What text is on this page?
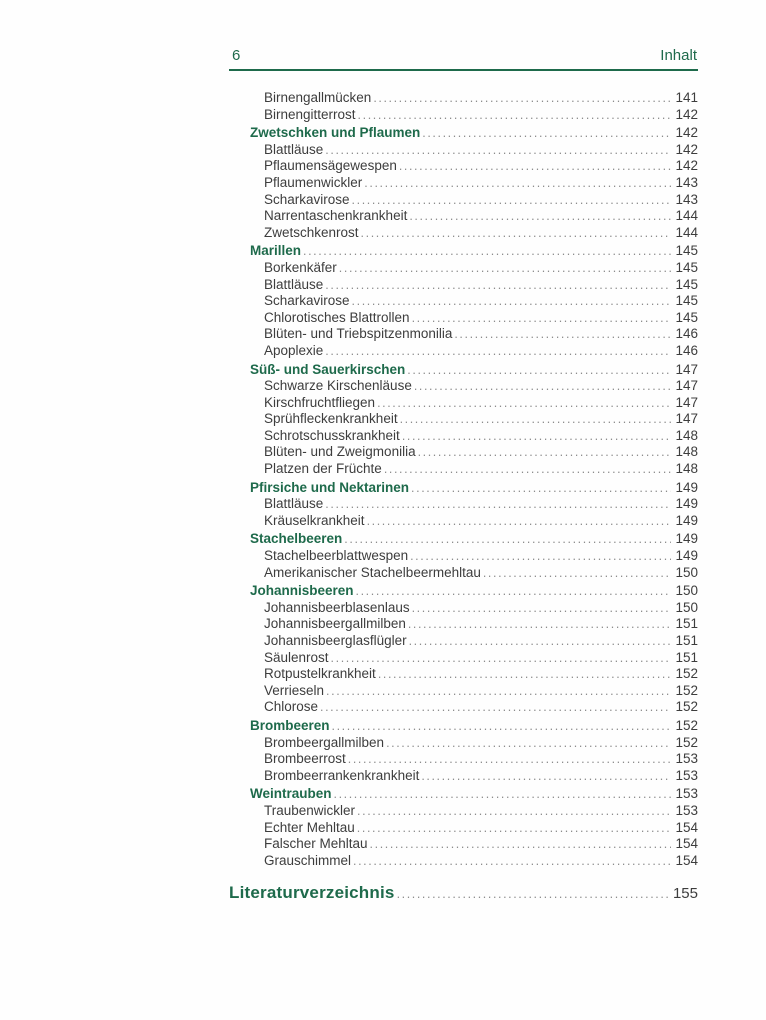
6	Inhalt
Birnengallmücken .....	141
Birnengitterrost .....	142
Zwetschken und Pflaumen .....	142
Blattläuse .....	142
Pflaumensägewespen .....	142
Pflaumenwickler .....	143
Scharkavirose .....	143
Narrentaschenkrankheit .....	144
Zwetschkenrost .....	144
Marillen .....	145
Borkenkäfer .....	145
Blattläuse .....	145
Scharkavirose .....	145
Chlorotisches Blattrollen .....	145
Blüten- und Triebspitzenmonilia .....	146
Apoplexie .....	146
Süß- und Sauerkirschen .....	147
Schwarze Kirschenläuse .....	147
Kirschfruchtfliegen .....	147
Sprühfleckenkrankheit .....	147
Schrotschusskrankheit .....	148
Blüten- und Zweigmonilia .....	148
Platzen der Früchte .....	148
Pfirsiche und Nektarinen .....	149
Blattläuse .....	149
Kräuselkrankheit .....	149
Stachelbeeren .....	149
Stachelbeerblattwespen .....	149
Amerikanischer Stachelbeermehltau .....	150
Johannisbeeren .....	150
Johannisbeerblasenlaus .....	150
Johannisbeergallmilben .....	151
Johannisbeerglasflügler .....	151
Säulenrost .....	151
Rotpustelkrankheit .....	152
Verrieseln .....	152
Chlorose .....	152
Brombeeren .....	152
Brombeergallmilben .....	152
Brombeerrost .....	153
Brombeerrankenkrankheit .....	153
Weintrauben .....	153
Traubenwickler .....	153
Echter Mehltau .....	154
Falscher Mehltau .....	154
Grauschimmel .....	154
Literaturverzeichnis .....	155
